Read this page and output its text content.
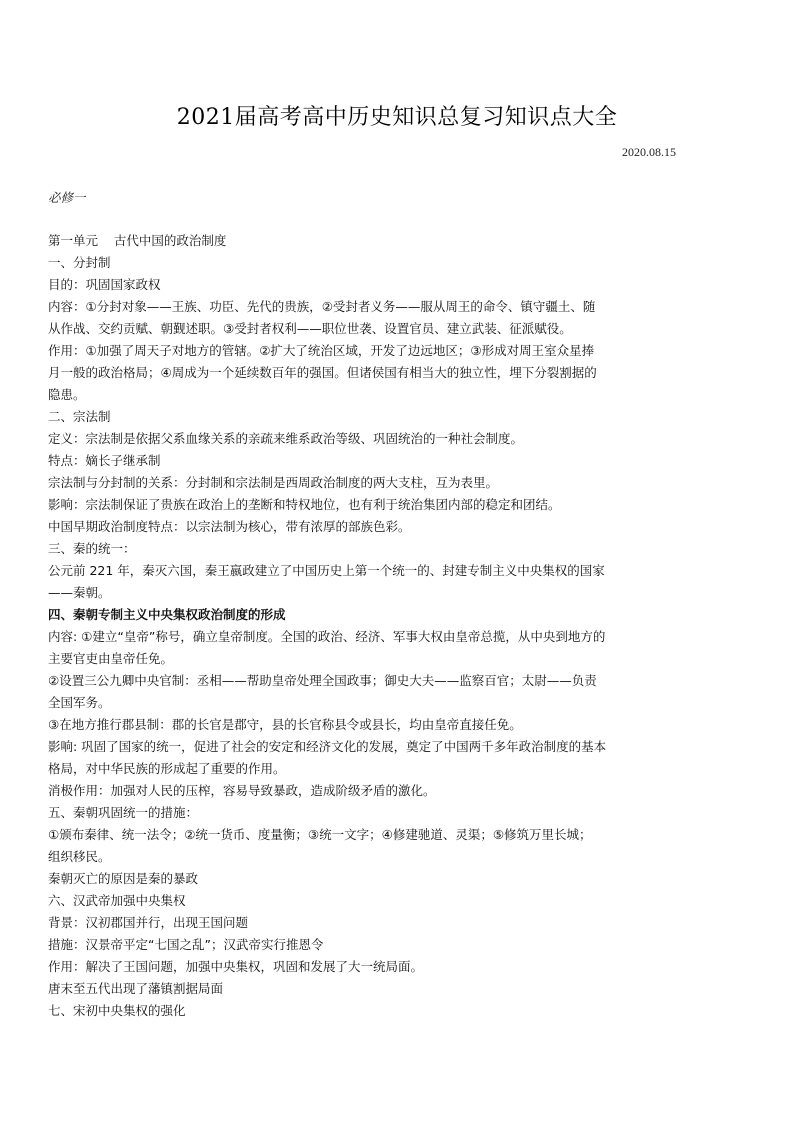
2021届高考高中历史知识总复习知识点大全
2020.08.15
必修一
第一单元    古代中国的政治制度
一、分封制
目的：巩固国家政权
内容：①分封对象——王族、功臣、先代的贵族，②受封者义务——服从周王的命令、镇守疆土、随
从作战、交约贡赋、朝觐述职。③受封者权利——职位世袭、设置官员、建立武装、征派赋役。
作用：①加强了周天子对地方的管辖。②扩大了统治区域，开发了边远地区；③形成对周王室众星捧
月一般的政治格局；④周成为一个延续数百年的强国。但诸侯国有相当大的独立性，埋下分裂割据的
隐患。
二、宗法制
定义：宗法制是依据父系血缘关系的亲疏来维系政治等级、巩固统治的一种社会制度。
特点：嫡长子继承制
宗法制与分封制的关系：分封制和宗法制是西周政治制度的两大支柱，互为表里。
影响：宗法制保证了贵族在政治上的垄断和特权地位，也有利于统治集团内部的稳定和团结。
中国早期政治制度特点：以宗法制为核心，带有浓厚的部族色彩。
三、秦的统一：
公元前 221 年，秦灭六国，秦王嬴政建立了中国历史上第一个统一的、封建专制主义中央集权的国家
——秦朝。
四、秦朝专制主义中央集权政治制度的形成
内容: ①建立“皇帝”称号，确立皇帝制度。全国的政治、经济、军事大权由皇帝总揽，从中央到地方的
主要官吏由皇帝任免。
②设置三公九卿中央官制：丞相——帮助皇帝处理全国政事；御史大夫——监察百官；太尉——负责
全国军务。
③在地方推行郡县制：郡的长官是郡守，县的长官称县令或县长，均由皇帝直接任免。
影响: 巩固了国家的统一，促进了社会的安定和经济文化的发展，奠定了中国两千多年政治制度的基本
格局，对中华民族的形成起了重要的作用。
消极作用：加强对人民的压榨，容易导致暴政，造成阶级矛盾的激化。
五、秦朝巩固统一的措施：
①颁布秦律、统一法令；②统一货币、度量衡；③统一文字；④修建驰道、灵渠；⑤修筑万里长城；
组织移民。
秦朝灭亡的原因是秦的暴政
六、汉武帝加强中央集权
背景：汉初郡国并行，出现王国问题
措施：汉景帝平定“七国之乱”；汉武帝实行推恩令
作用：解决了王国问题，加强中央集权，巩固和发展了大一统局面。
唐末至五代出现了藩镇割据局面
七、宋初中央集权的强化
